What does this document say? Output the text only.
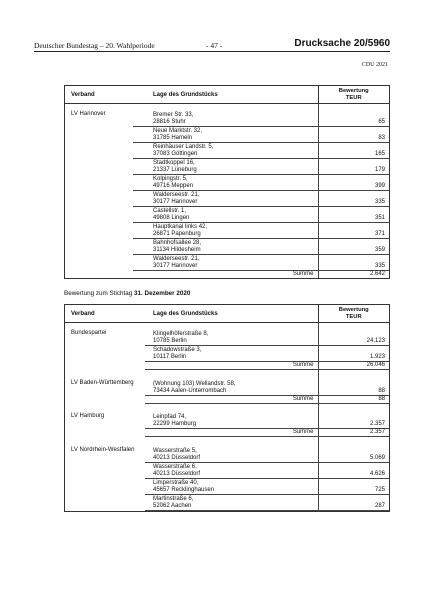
Deutscher Bundestag – 20. Wahlperiode	- 47 -	Drucksache 20/5960
CDU 2021
Verband	Lage des Grundstücks	Bewertung
TEUR

LV Hannover	Bremer Str. 33,
28816 Stuhr	65

	Neue Marktstr. 32,
31785 Hameln	83

	Reinhäuser Landstr. 5,
37083 Göttingen	165

	Stadtkoppel 16,
21337 Lüneburg	179

	Kolpingstr. 5,
49716 Meppen	399

	Walderseestr. 21,
30177 Hannover	335

	Castellstr. 1,
49808 Lingen	351

	Hauptkanal links 42,
26871 Papenburg	371

	Bahnhofsallee 28,
31134 Hildesheim	359

	Walderseestr. 21,
30177 Hannover	335
	Summe	2.642
Bewertung zum Stichtag 31. Dezember 2020
Verband	Lage des Grundstücks	Bewertung
TEUR

Bundespartei	Klingelhöferstraße 8,
10785 Berlin	24.123

	Schadowstraße 3,
10117 Berlin	1.923
	Summe	26.046

LV Baden-Württemberg	(Wohnung 103) Wellandstr. 58,
73434 Aalen-Unterrombach	88
	Summe	88

LV Hamburg	Leinpfad 74,
22299 Hamburg	2.357
	Summe	2.357

LV Nordrhein-Westfalen	Wasserstraße 5,
40213 Düsseldorf	5.069

	Wasserstraße 6,
40213 Düsseldorf	4.626

	Limperstraße 40,
45657 Recklinghausen	725

	Martinstraße 6,
52062 Aachen	287
